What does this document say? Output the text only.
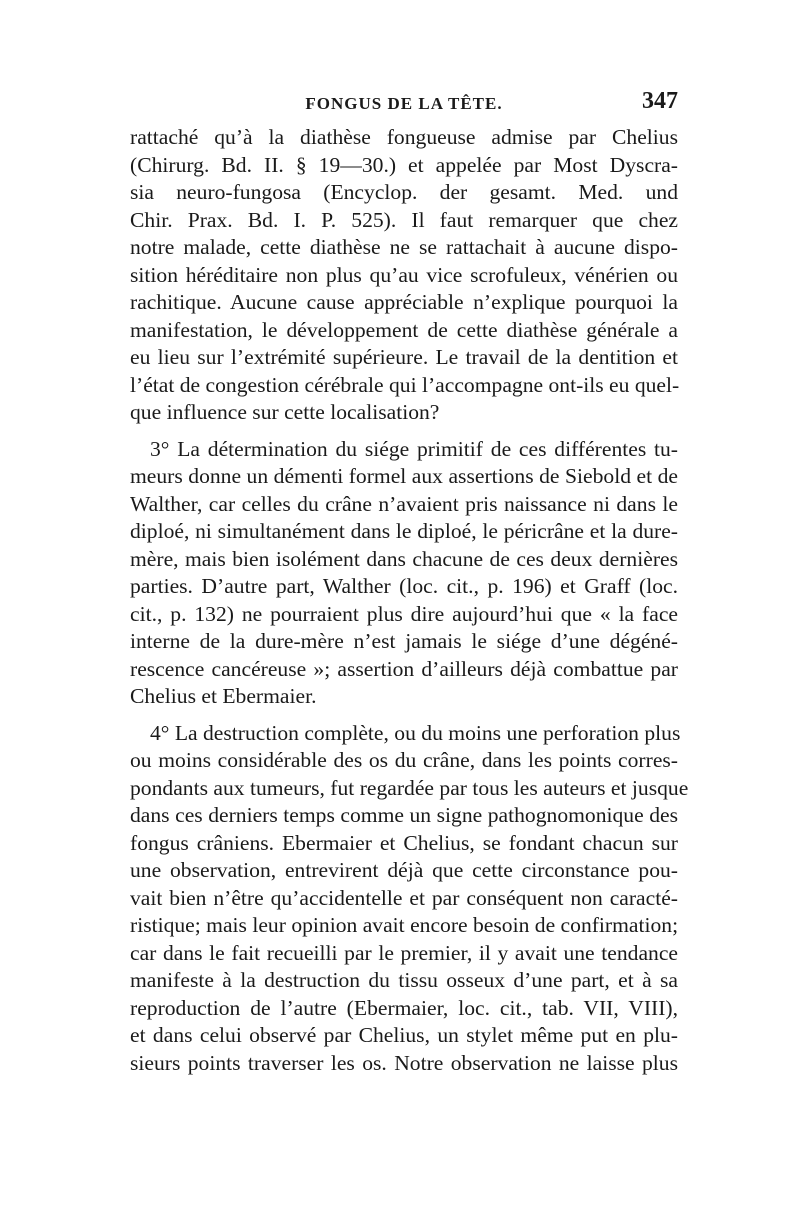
FONGUS DE LA TÊTE.	347
rattaché qu’à la diathèse fongueuse admise par Chelius
(Chirurg. Bd. II. § 19—30.) et appelée par Most Dyscra-
sia neuro-fungosa (Encyclop. der gesamt. Med. und
Chir. Prax. Bd. I. P. 525). Il faut remarquer que chez
notre malade, cette diathèse ne se rattachait à aucune dispo-
sition héréditaire non plus qu’au vice scrofuleux, vénérien ou
rachitique. Aucune cause appréciable n’explique pourquoi la
manifestation, le développement de cette diathèse générale a
eu lieu sur l’extrémité supérieure. Le travail de la dentition et
l’état de congestion cérébrale qui l’accompagne ont-ils eu quel-
que influence sur cette localisation?
3° La détermination du siége primitif de ces différentes tu-
meurs donne un démenti formel aux assertions de Siebold et de
Walther, car celles du crâne n’avaient pris naissance ni dans le
diploé, ni simultanément dans le diploé, le péricrâne et la dure-
mère, mais bien isolément dans chacune de ces deux dernières
parties. D’autre part, Walther (loc. cit., p. 196) et Graff (loc.
cit., p. 132) ne pourraient plus dire aujourd’hui que « la face
interne de la dure-mère n’est jamais le siége d’une dégéné-
rescence cancéreuse »; assertion d’ailleurs déjà combattue par
Chelius et Ebermaier.
4° La destruction complète, ou du moins une perforation plus
ou moins considérable des os du crâne, dans les points corres-
pondants aux tumeurs, fut regardée par tous les auteurs et jusque
dans ces derniers temps comme un signe pathognomonique des
fongus crâniens. Ebermaier et Chelius, se fondant chacun sur
une observation, entrevirent déjà que cette circonstance pou-
vait bien n’être qu’accidentelle et par conséquent non caracté-
ristique; mais leur opinion avait encore besoin de confirmation;
car dans le fait recueilli par le premier, il y avait une tendance
manifeste à la destruction du tissu osseux d’une part, et à sa
reproduction de l’autre (Ebermaier, loc. cit., tab. VII, VIII),
et dans celui observé par Chelius, un stylet même put en plu-
sieurs points traverser les os. Notre observation ne laisse plus
